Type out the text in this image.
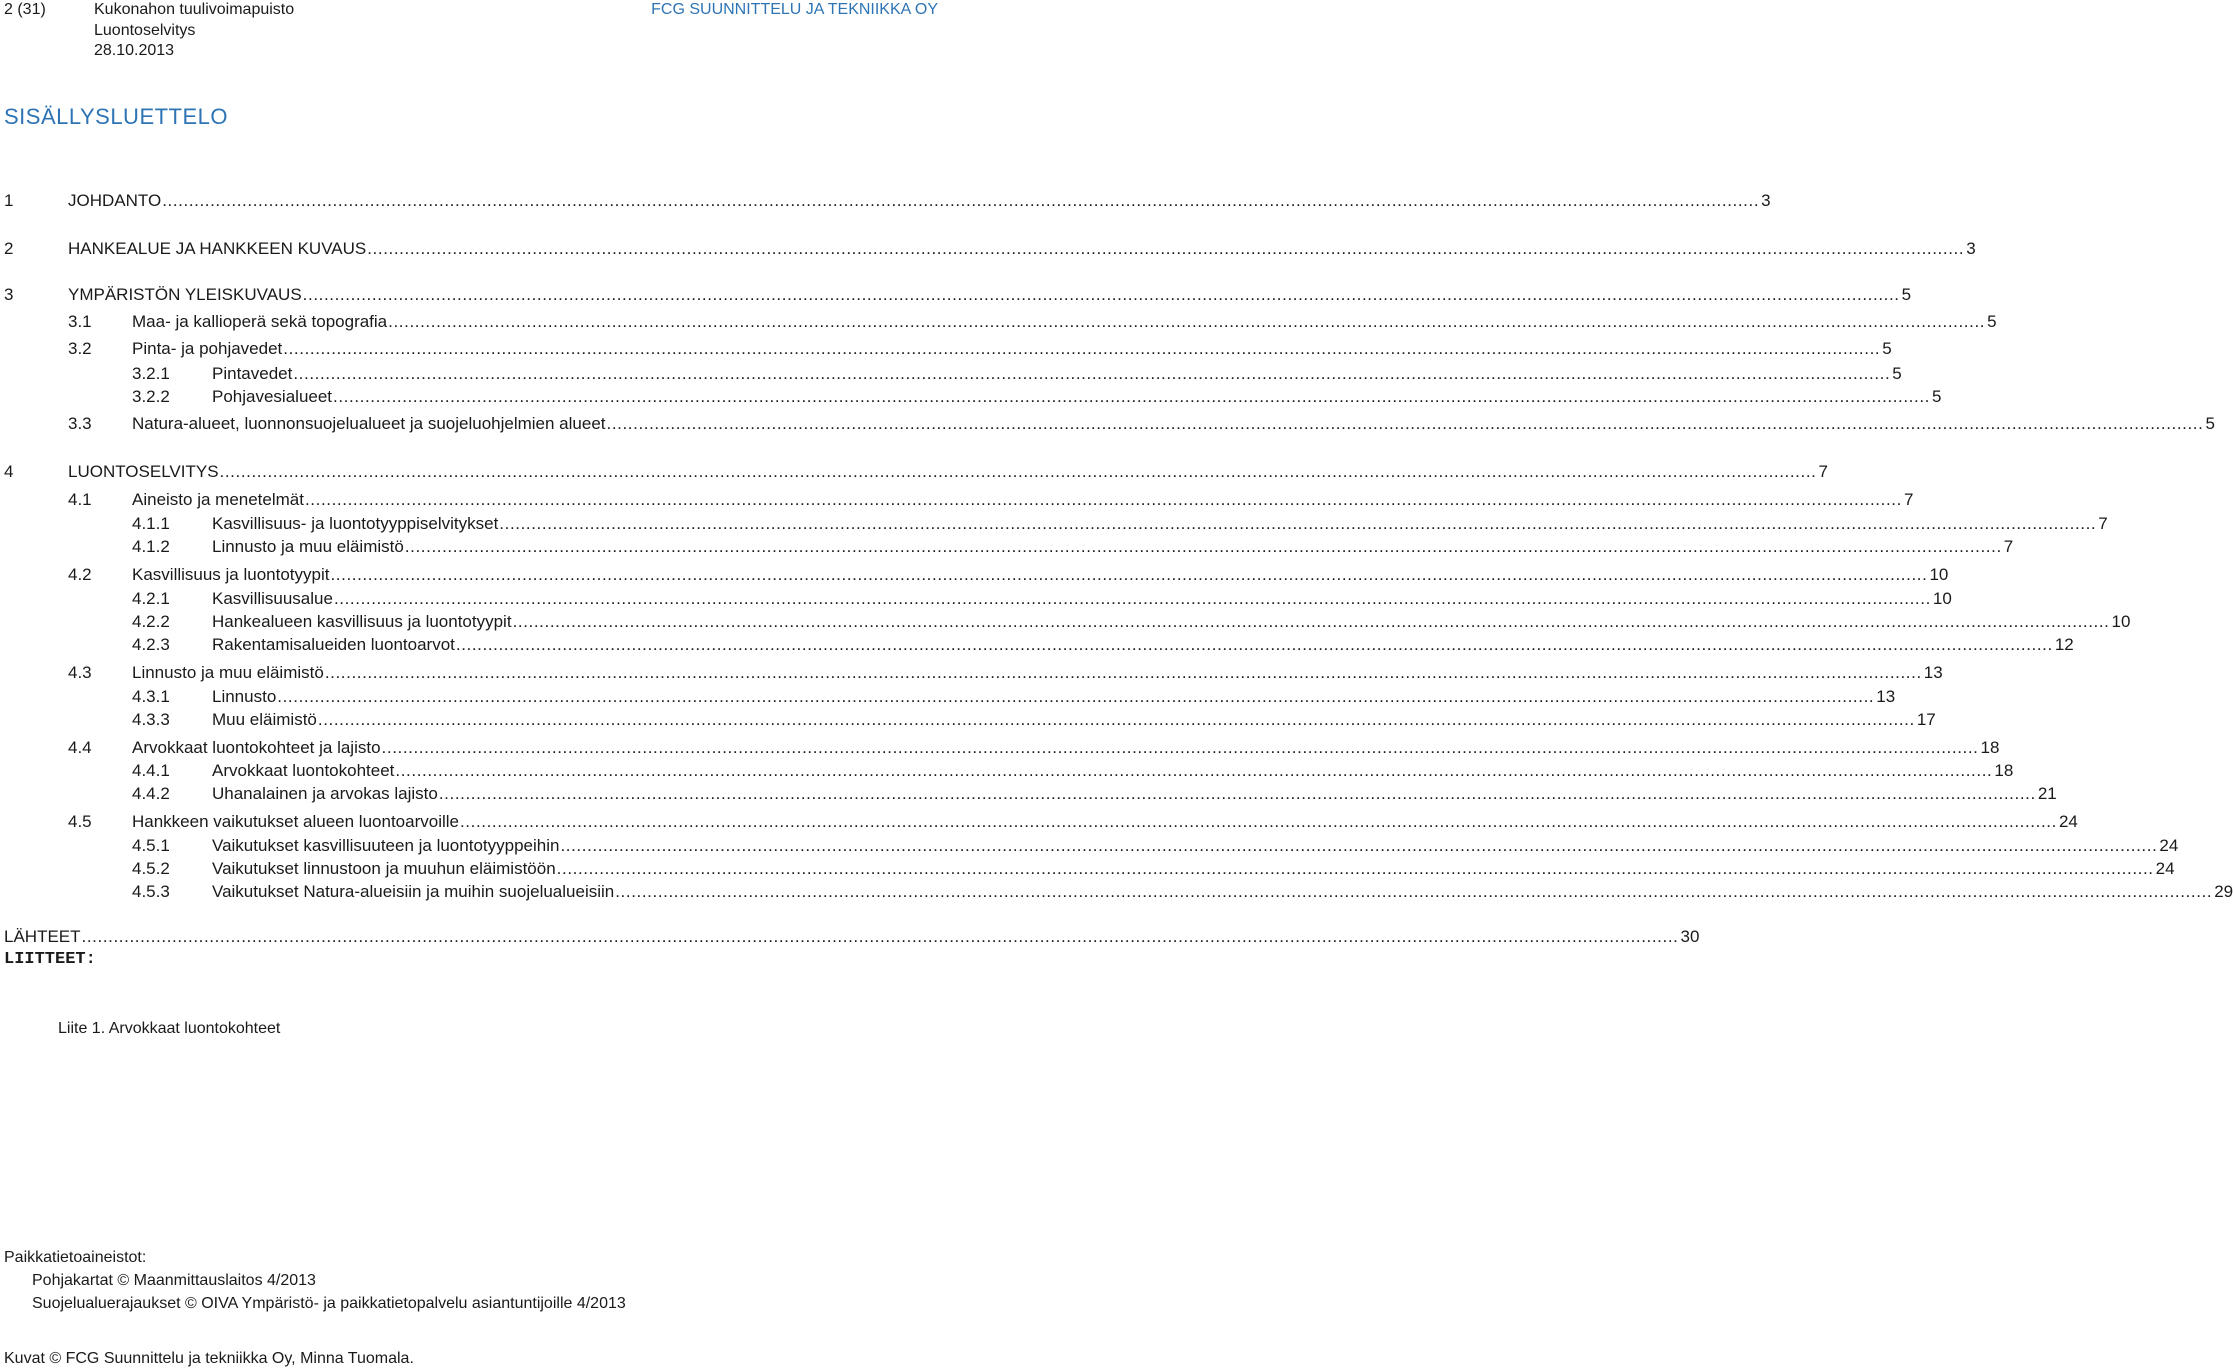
2 (31)	Kukonahon tuulivoimapuisto
Luontoselvitys
28.10.2013
FCG SUUNNITTELU JA TEKNIIKKA OY
SISÄLLYSLUETTELO
1	JOHDANTO ............................................................................................................................................................................................................................................................................................................ 3
2	HANKEALUE JA HANKKEEN KUVAUS ............................................................................................................................................................................................................................................................................................................ 3
3	YMPÄRISTÖN YLEISKUVAUS ............................................................................................................................................................................................................................................................................................................ 5
3.1	Maa- ja kallioperä sekä topografia ............................................................................................................................................................................................................................................................................................................ 5
3.2	Pinta- ja pohjavedet ............................................................................................................................................................................................................................................................................................................ 5
3.2.1	Pintavedet ............................................................................................................................................................................................................................................................................................................ 5
3.2.2	Pohjavesialueet ............................................................................................................................................................................................................................................................................................................ 5
3.3	Natura-alueet, luonnonsuojelualueet ja suojeluohjelmien alueet ............................................................................................................................................................................................................................................................................................................ 5
4	LUONTOSELVITYS ............................................................................................................................................................................................................................................................................................................ 7
4.1	Aineisto ja menetelmät ............................................................................................................................................................................................................................................................................................................ 7
4.1.1	Kasvillisuus- ja luontotyyppiselvitykset ............................................................................................................................................................................................................................................................................................................ 7
4.1.2	Linnusto ja muu eläimistö ............................................................................................................................................................................................................................................................................................................ 7
4.2	Kasvillisuus ja luontotyypit ............................................................................................................................................................................................................................................................................................................ 10
4.2.1	Kasvillisuusalue ............................................................................................................................................................................................................................................................................................................ 10
4.2.2	Hankealueen kasvillisuus ja luontotyypit ............................................................................................................................................................................................................................................................................................................ 10
4.2.3	Rakentamisalueiden luontoarvot ............................................................................................................................................................................................................................................................................................................ 12
4.3	Linnusto ja muu eläimistö ............................................................................................................................................................................................................................................................................................................ 13
4.3.1	Linnusto ............................................................................................................................................................................................................................................................................................................ 13
4.3.3	Muu eläimistö ............................................................................................................................................................................................................................................................................................................ 17
4.4	Arvokkaat luontokohteet ja lajisto ............................................................................................................................................................................................................................................................................................................ 18
4.4.1	Arvokkaat luontokohteet ............................................................................................................................................................................................................................................................................................................ 18
4.4.2	Uhanalainen ja arvokas lajisto ............................................................................................................................................................................................................................................................................................................ 21
4.5	Hankkeen vaikutukset alueen luontoarvoille ............................................................................................................................................................................................................................................................................................................ 24
4.5.1	Vaikutukset kasvillisuuteen ja luontotyyppeihin ............................................................................................................................................................................................................................................................................................................ 24
4.5.2	Vaikutukset linnustoon ja muuhun eläimistöön ............................................................................................................................................................................................................................................................................................................ 24
4.5.3	Vaikutukset Natura-alueisiin ja muihin suojelualueisiin ............................................................................................................................................................................................................................................................................................................ 29
LÄHTEET ............................................................................................................................................................................................................................................................................................................ 30
LIITTEET:
Liite 1. Arvokkaat luontokohteet
Paikkatietoaineistot:
Pohjakartat © Maanmittauslaitos 4/2013
Suojelualuerajaukset © OIVA Ympäristö- ja paikkatietopalvelu asiantuntijoille 4/2013
Kuvat © FCG Suunnittelu ja tekniikka Oy, Minna Tuomala.
